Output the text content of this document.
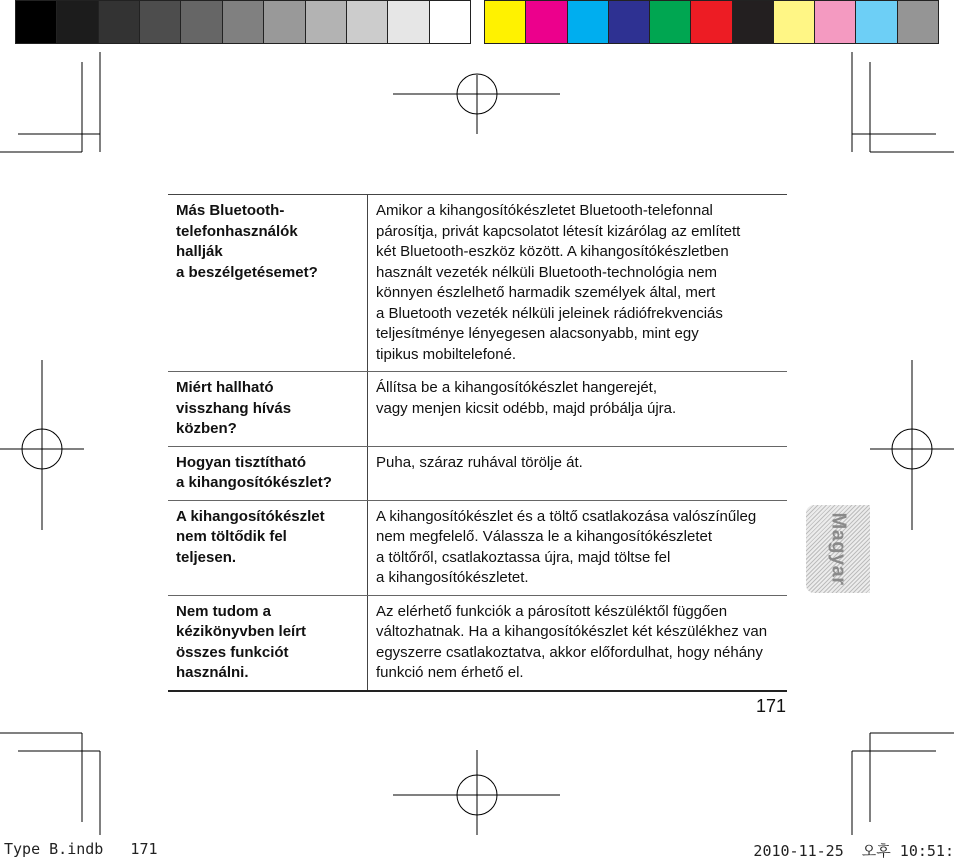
Magyar
Más Bluetooth-
telefonhasználók
hallják
a beszélgetésemet?
Amikor a kihangosítókészletet Bluetooth-telefonnal
párosítja, privát kapcsolatot létesít kizárólag az említett
két Bluetooth-eszköz között. A kihangosítókészletben
használt vezeték nélküli Bluetooth-technológia nem
könnyen észlelhető harmadik személyek által, mert
a Bluetooth vezeték nélküli jeleinek rádiófrekvenciás
teljesítménye lényegesen alacsonyabb, mint egy
tipikus mobiltelefoné.
Miért hallható
visszhang hívás
közben?
Állítsa be a kihangosítókészlet hangerejét,
vagy menjen kicsit odébb, majd próbálja újra.
Hogyan tisztítható
a kihangosítókészlet?
Puha, száraz ruhával törölje át.
A kihangosítókészlet
nem töltődik fel
teljesen.
A kihangosítókészlet és a töltő csatlakozása valószínűleg
nem megfelelő. Válassza le a kihangosítókészletet
a töltőről, csatlakoztassa újra, majd töltse fel
a kihangosítókészletet.
Nem tudom a
kézikönyvben leírt
összes funkciót
használni.
Az elérhető funkciók a párosított készüléktől függően
változhatnak. Ha a kihangosítókészlet két készülékhez van
egyszerre csatlakoztatva, akkor előfordulhat, hogy néhány
funkció nem érhető el.
171
Type B.indb   171	2010-11-25  오후 10:51:
